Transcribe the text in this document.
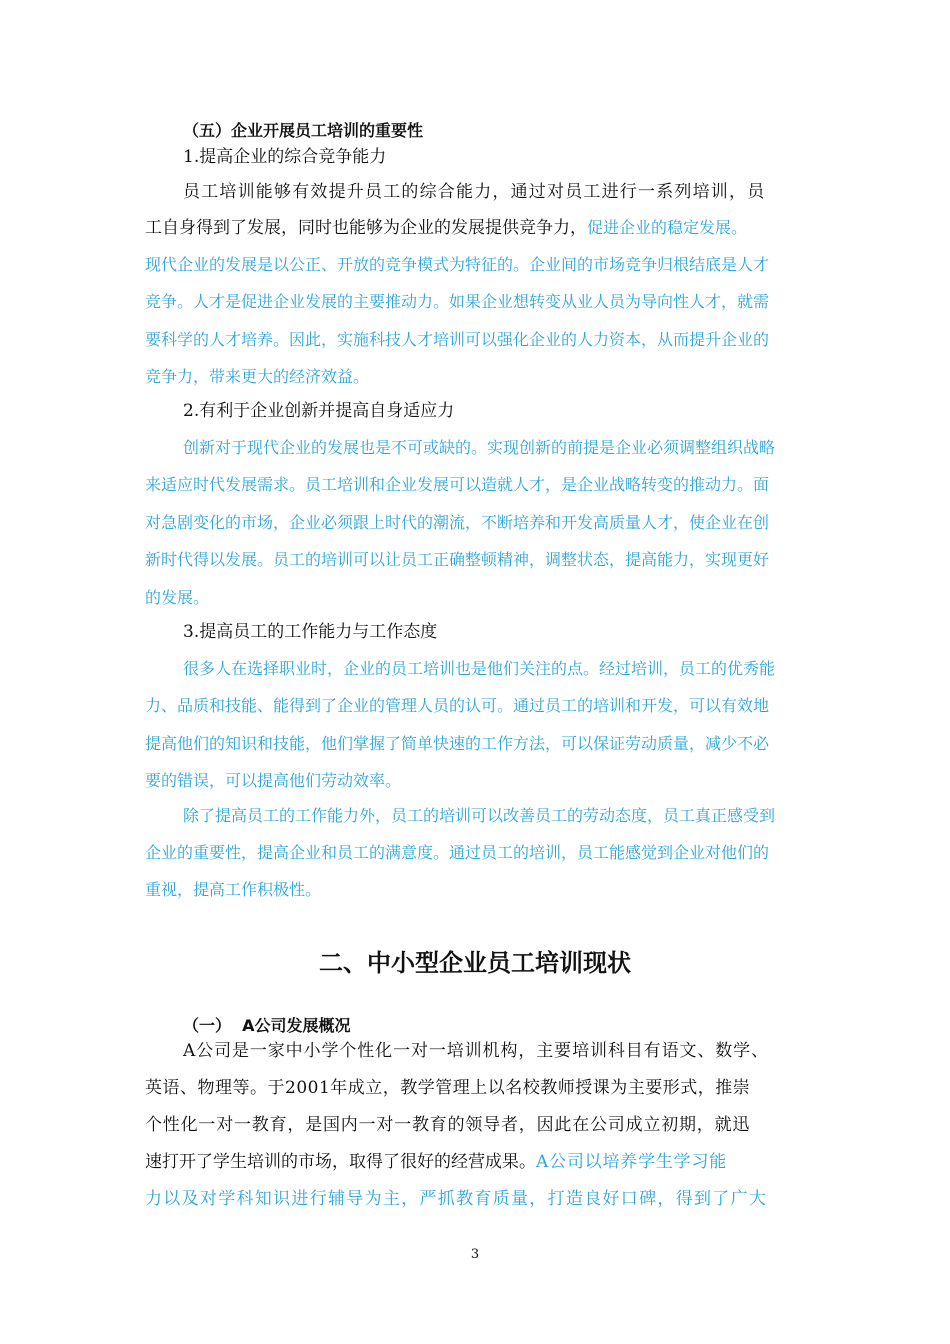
（五）企业开展员工培训的重要性
1.提高企业的综合竞争能力
员工培训能够有效提升员工的综合能力，通过对员工进行一系列培训，员
工自身得到了发展，同时也能够为企业的发展提供竞争力，促进企业的稳定发展。
现代企业的发展是以公正、开放的竞争模式为特征的。企业间的市场竞争归根结底是人才
竞争。人才是促进企业发展的主要推动力。如果企业想转变从业人员为导向性人才，就需
要科学的人才培养。因此，实施科技人才培训可以强化企业的人力资本，从而提升企业的
竞争力，带来更大的经济效益。
2.有利于企业创新并提高自身适应力
创新对于现代企业的发展也是不可或缺的。实现创新的前提是企业必须调整组织战略
来适应时代发展需求。员工培训和企业发展可以造就人才，是企业战略转变的推动力。面
对急剧变化的市场，企业必须跟上时代的潮流，不断培养和开发高质量人才，使企业在创
新时代得以发展。员工的培训可以让员工正确整顿精神，调整状态，提高能力，实现更好
的发展。
3.提高员工的工作能力与工作态度
很多人在选择职业时，企业的员工培训也是他们关注的点。经过培训，员工的优秀能
力、品质和技能、能得到了企业的管理人员的认可。通过员工的培训和开发，可以有效地
提高他们的知识和技能，他们掌握了简单快速的工作方法，可以保证劳动质量，减少不必
要的错误，可以提高他们劳动效率。
除了提高员工的工作能力外，员工的培训可以改善员工的劳动态度，员工真正感受到
企业的重要性，提高企业和员工的满意度。通过员工的培训，员工能感觉到企业对他们的
重视，提高工作积极性。
二、中小型企业员工培训现状
（一）  A公司发展概况
A公司是一家中小学个性化一对一培训机构，主要培训科目有语文、数学、
英语、物理等。于2001年成立，教学管理上以名校教师授课为主要形式，推崇
个性化一对一教育，是国内一对一教育的领导者，因此在公司成立初期，就迅
速打开了学生培训的市场，取得了很好的经营成果。A公司以培养学生学习能
力以及对学科知识进行辅导为主，严抓教育质量，打造良好口碑，得到了广大
3
